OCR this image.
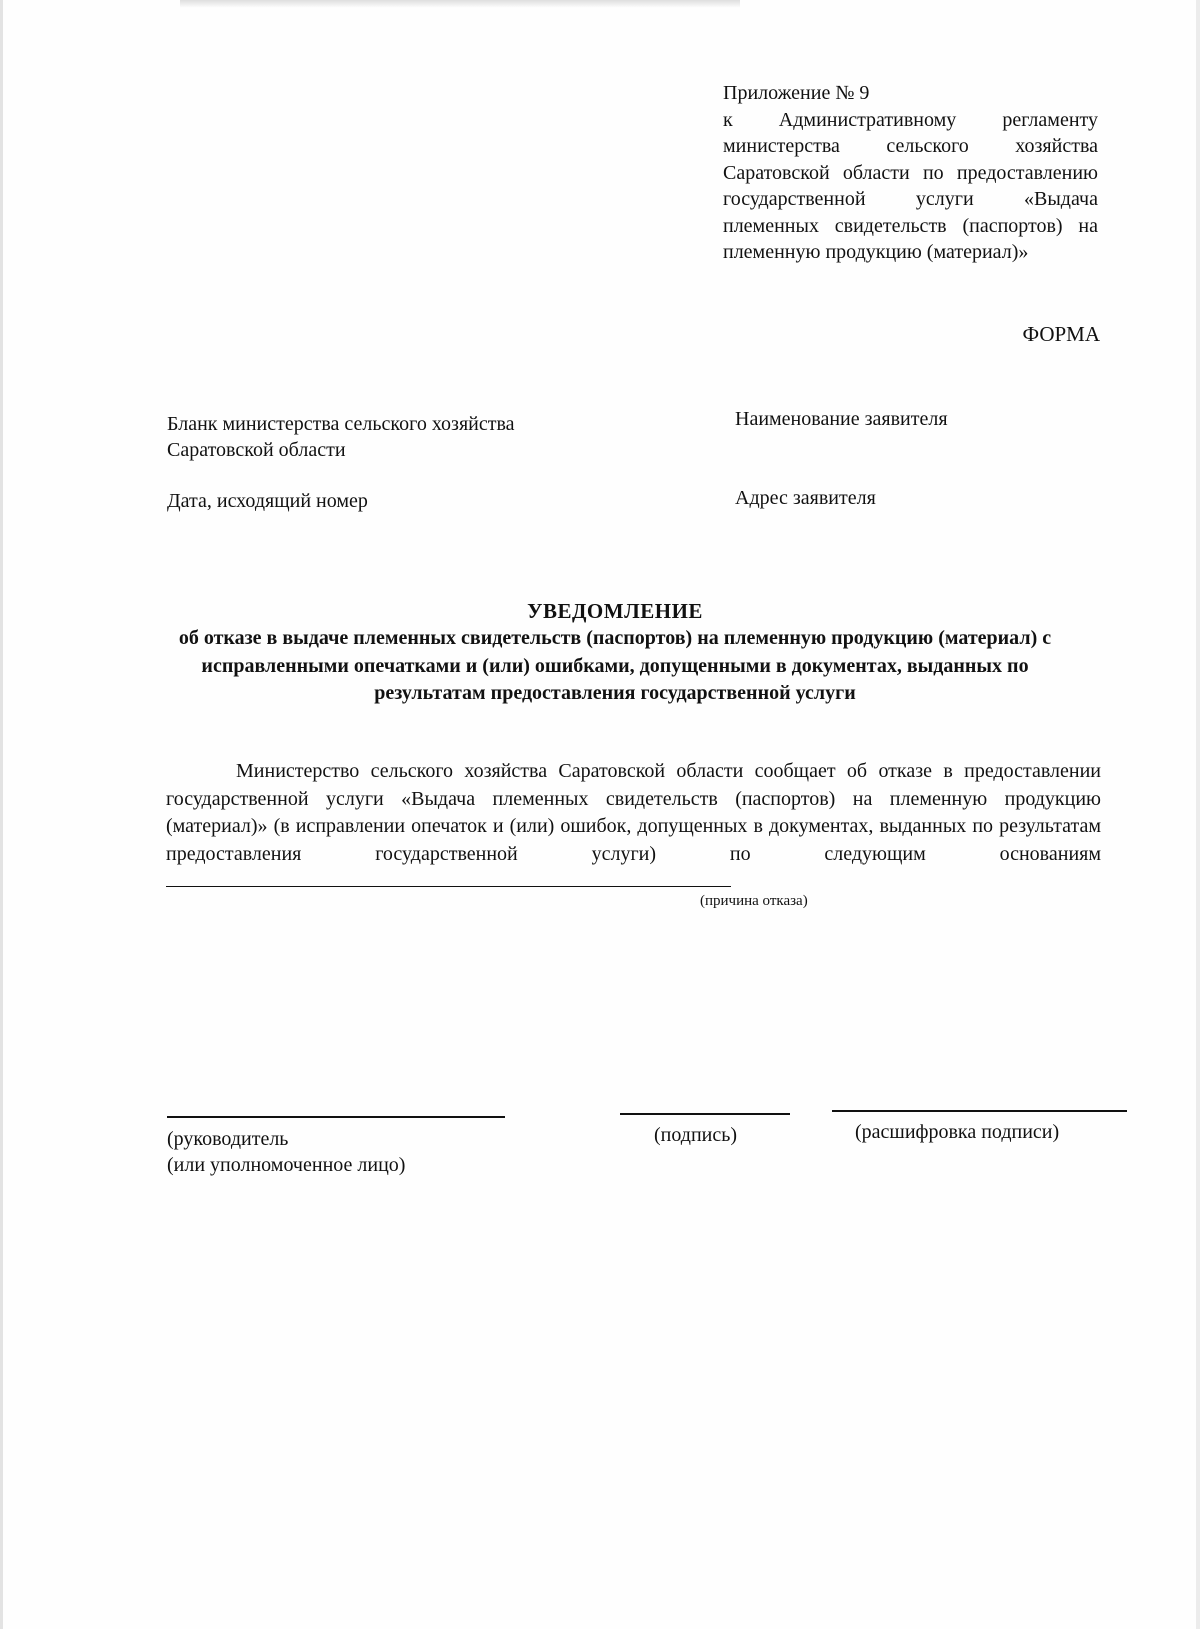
Приложение № 9
к Административному регламенту министерства сельского хозяйства Саратовской области по предоставлению государственной услуги «Выдача племенных свидетельств (паспортов) на племенную продукцию (материал)»
ФОРМА
Бланк министерства сельского хозяйства Саратовской области
Дата, исходящий номер
Наименование заявителя
Адрес заявителя
УВЕДОМЛЕНИЕ
об отказе в выдаче племенных свидетельств (паспортов) на племенную продукцию (материал) с исправленными опечатками и (или) ошибками, допущенными в документах, выданных по результатам предоставления государственной услуги
Министерство сельского хозяйства Саратовской области сообщает об отказе в предоставлении государственной услуги «Выдача племенных свидетельств (паспортов) на племенную продукцию (материал)» (в исправлении опечаток и (или) ошибок, допущенных в документах, выданных по результатам предоставления государственной услуги) по следующим основаниям
(причина отказа)
(руководитель
(или уполномоченное лицо)
(подпись)	(расшифровка подписи)
